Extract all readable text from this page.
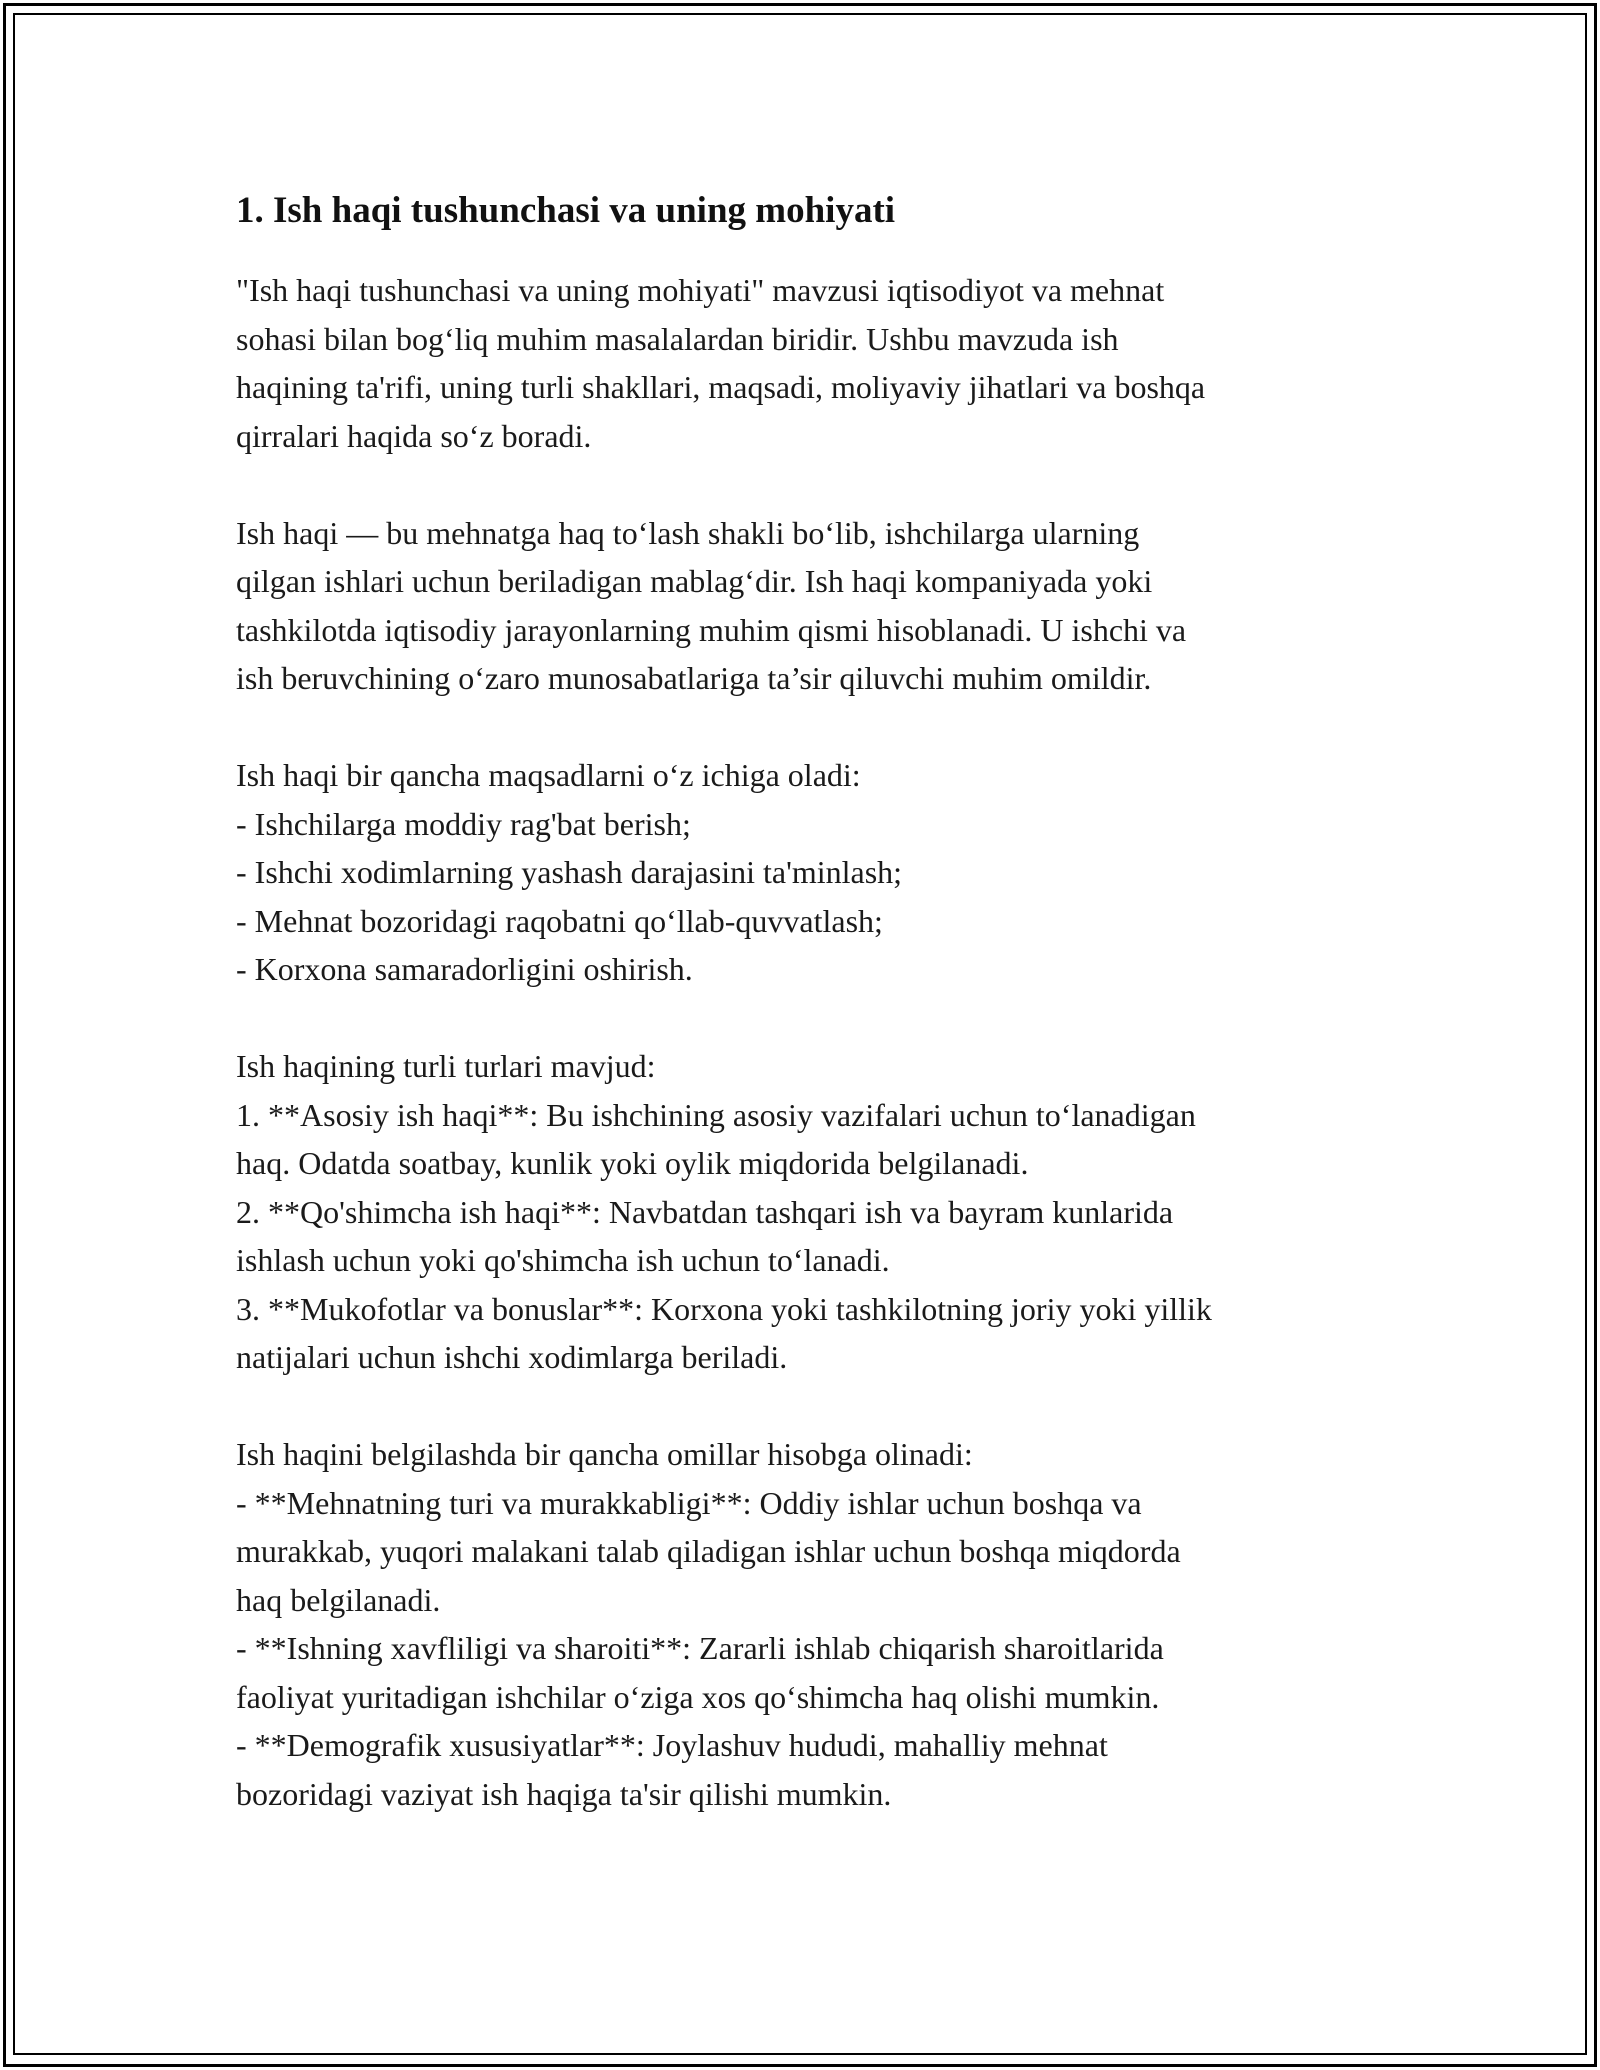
1. Ish haqi tushunchasi va uning mohiyati

"Ish haqi tushunchasi va uning mohiyati" mavzusi iqtisodiyot va mehnat
sohasi bilan bog‘liq muhim masalalardan biridir. Ushbu mavzuda ish
haqining ta'rifi, uning turli shakllari, maqsadi, moliyaviy jihatlari va boshqa
qirralari haqida so‘z boradi.

Ish haqi — bu mehnatga haq to‘lash shakli bo‘lib, ishchilarga ularning
qilgan ishlari uchun beriladigan mablag‘dir. Ish haqi kompaniyada yoki
tashkilotda iqtisodiy jarayonlarning muhim qismi hisoblanadi. U ishchi va
ish beruvchining o‘zaro munosabatlariga ta’sir qiluvchi muhim omildir.

Ish haqi bir qancha maqsadlarni o‘z ichiga oladi:
- Ishchilarga moddiy rag'bat berish;
- Ishchi xodimlarning yashash darajasini ta'minlash;
- Mehnat bozoridagi raqobatni qo‘llab-quvvatlash;
- Korxona samaradorligini oshirish.

Ish haqining turli turlari mavjud:
1. **Asosiy ish haqi**: Bu ishchining asosiy vazifalari uchun to‘lanadigan
haq. Odatda soatbay, kunlik yoki oylik miqdorida belgilanadi.
2. **Qo'shimcha ish haqi**: Navbatdan tashqari ish va bayram kunlarida
ishlash uchun yoki qo'shimcha ish uchun to‘lanadi.
3. **Mukofotlar va bonuslar**: Korxona yoki tashkilotning joriy yoki yillik
natijalari uchun ishchi xodimlarga beriladi.

Ish haqini belgilashda bir qancha omillar hisobga olinadi:
- **Mehnatning turi va murakkabligi**: Oddiy ishlar uchun boshqa va
murakkab, yuqori malakani talab qiladigan ishlar uchun boshqa miqdorda
haq belgilanadi.
- **Ishning xavfliligi va sharoiti**: Zararli ishlab chiqarish sharoitlarida
faoliyat yuritadigan ishchilar o‘ziga xos qo‘shimcha haq olishi mumkin.
- **Demografik xususiyatlar**: Joylashuv hududi, mahalliy mehnat
bozoridagi vaziyat ish haqiga ta'sir qilishi mumkin.
